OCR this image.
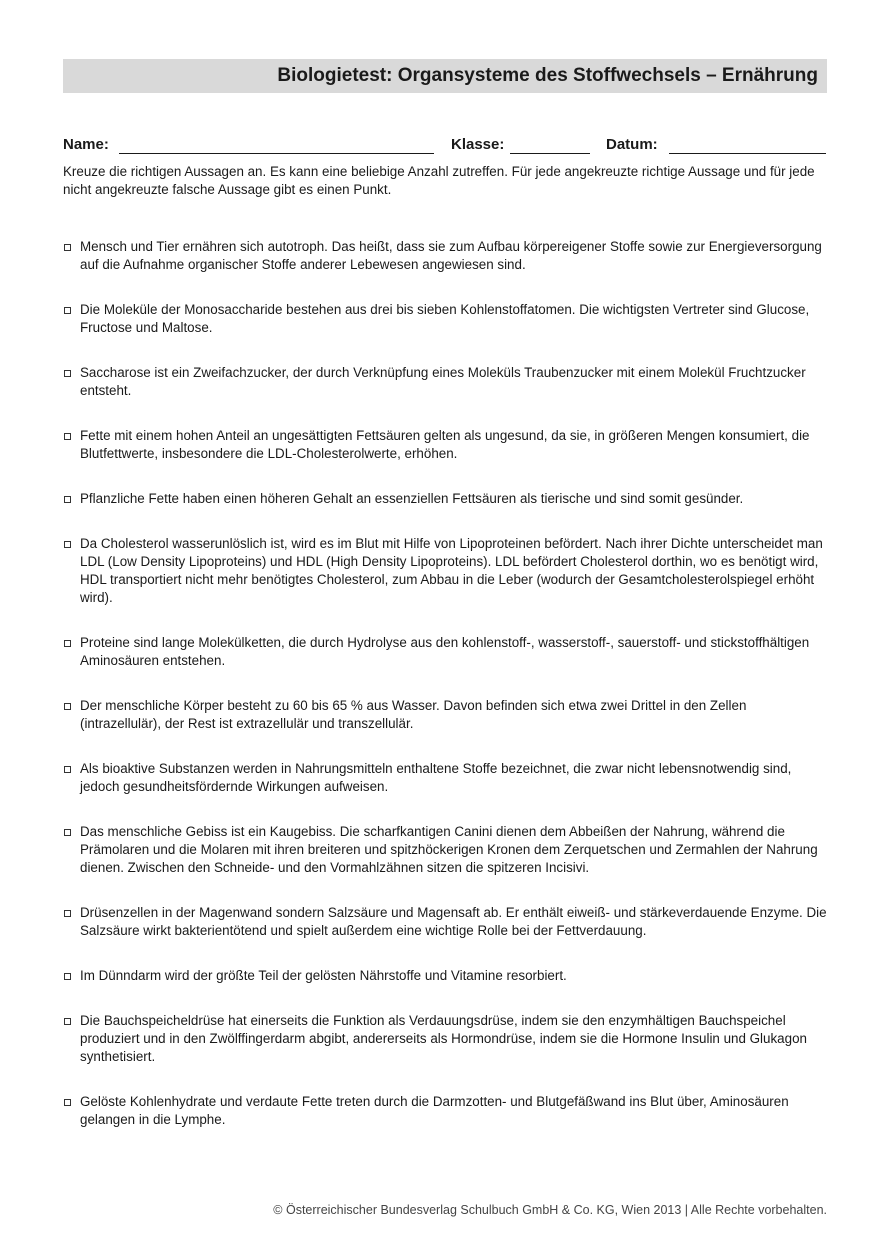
Biologietest: Organsysteme des Stoffwechsels – Ernährung
Name:	Klasse:	Datum:

Kreuze die richtigen Aussagen an. Es kann eine beliebige Anzahl zutreffen. Für jede angekreuzte richtige Aussage und für jede nicht angekreuzte falsche Aussage gibt es einen Punkt.

Mensch und Tier ernähren sich autotroph. Das heißt, dass sie zum Aufbau körpereigener Stoffe sowie zur Energieversorgung auf die Aufnahme organischer Stoffe anderer Lebewesen angewiesen sind.
Die Moleküle der Monosaccharide bestehen aus drei bis sieben Kohlenstoffatomen. Die wichtigsten Vertreter sind Glucose, Fructose und Maltose.
Saccharose ist ein Zweifachzucker, der durch Verknüpfung eines Moleküls Traubenzucker mit einem Molekül Fruchtzucker entsteht.
Fette mit einem hohen Anteil an ungesättigten Fettsäuren gelten als ungesund, da sie, in größeren Mengen konsumiert, die Blutfettwerte, insbesondere die LDL-Cholesterolwerte, erhöhen.
Pflanzliche Fette haben einen höheren Gehalt an essenziellen Fettsäuren als tierische und sind somit gesünder.
Da Cholesterol wasserunlöslich ist, wird es im Blut mit Hilfe von Lipoproteinen befördert. Nach ihrer Dichte unterscheidet man LDL (Low Density Lipoproteins) und HDL (High Density Lipoproteins). LDL befördert Cholesterol dorthin, wo es benötigt wird, HDL transportiert nicht mehr benötigtes Cholesterol, zum Abbau in die Leber (wodurch der Gesamtcholesterolspiegel erhöht wird).
Proteine sind lange Molekülketten, die durch Hydrolyse aus den kohlenstoff-, wasserstoff-, sauerstoff- und stickstoffhältigen Aminosäuren entstehen.
Der menschliche Körper besteht zu 60 bis 65 % aus Wasser. Davon befinden sich etwa zwei Drittel in den Zellen (intrazellulär), der Rest ist extrazellulär und transzellulär.
Als bioaktive Substanzen werden in Nahrungsmitteln enthaltene Stoffe bezeichnet, die zwar nicht lebensnotwendig sind, jedoch gesundheitsfördernde Wirkungen aufweisen.
Das menschliche Gebiss ist ein Kaugebiss. Die scharfkantigen Canini dienen dem Abbeißen der Nahrung, während die Prämolaren und die Molaren mit ihren breiteren und spitzhöckerigen Kronen dem Zerquetschen und Zermahlen der Nahrung dienen. Zwischen den Schneide- und den Vormahlzähnen sitzen die spitzeren Incisivi.
Drüsenzellen in der Magenwand sondern Salzsäure und Magensaft ab. Er enthält eiweiß- und stärkeverdauende Enzyme. Die Salzsäure wirkt bakterientötend und spielt außerdem eine wichtige Rolle bei der Fettverdauung.
Im Dünndarm wird der größte Teil der gelösten Nährstoffe und Vitamine resorbiert.
Die Bauchspeicheldrüse hat einerseits die Funktion als Verdauungsdrüse, indem sie den enzymhältigen Bauchspeichel produziert und in den Zwölffingerdarm abgibt, andererseits als Hormondrüse, indem sie die Hormone Insulin und Glukagon synthetisiert.
Gelöste Kohlenhydrate und verdaute Fette treten durch die Darmzotten- und Blutgefäßwand ins Blut über, Aminosäuren gelangen in die Lymphe.
© Österreichischer Bundesverlag Schulbuch GmbH & Co. KG, Wien 2013 | Alle Rechte vorbehalten.
